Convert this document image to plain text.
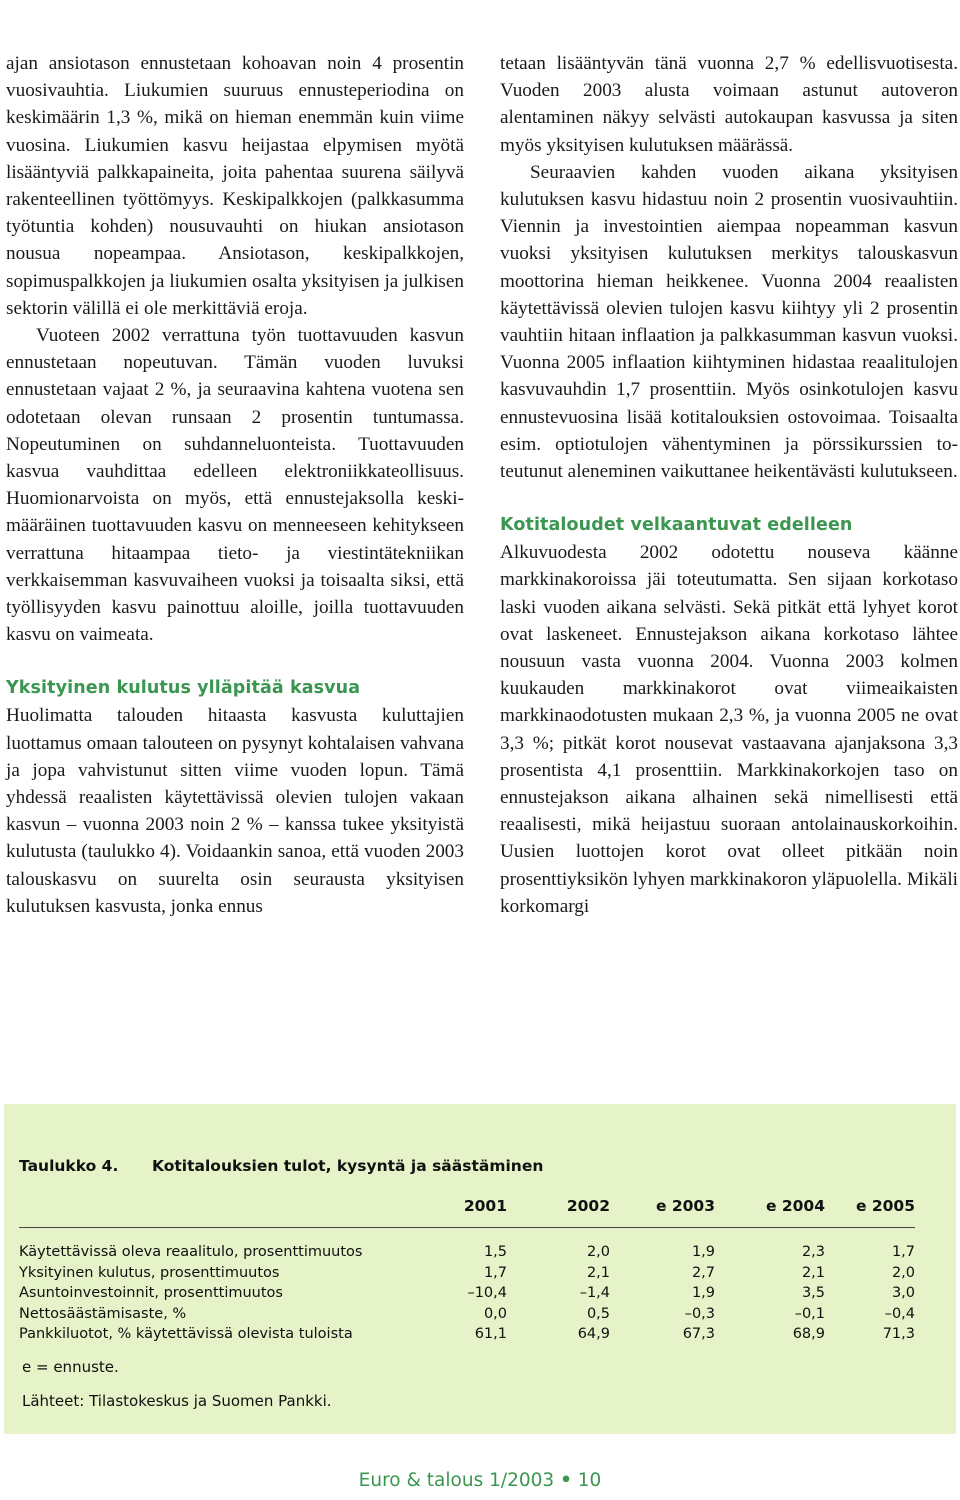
ajan ansiotason ennustetaan kohoavan noin 4 prosentin vuosivauhtia. Liukumien suuruus ennusteperiodina on keskimäärin 1,3 %, mikä on hieman enemmän kuin viime vuosina. Liukumien kasvu heijastaa elpymisen myötä lisääntyviä palkkapaineita, joita pahentaa suurena säilyvä rakenteellinen työttömyys. Keskipalkkojen (palkkasumma työtuntia kohden) nousuvauhti on hiukan ansiotason nousua nopeampaa. Ansiotason, keskipalkkojen, sopimuspalkkojen ja liukumien osalta yksityisen ja julkisen sektorin välillä ei ole merkittäviä eroja.

Vuoteen 2002 verrattuna työn tuottavuuden kasvun ennustetaan nopeutuvan. Tämän vuoden luvuksi ennustetaan vajaat 2 %, ja seuraavina kahtena vuotena sen odotetaan olevan runsaan 2 prosentin tuntumassa. Nopeutuminen on suhdanneluonteista. Tuottavuuden kasvua vauhdittaa edelleen elektroniikkateollisuus. Huomionarvoista on myös, että ennustejaksolla keskimääräinen tuottavuuden kasvu on menneeseen kehitykseen verrattuna hitaampaa tieto- ja viestintätekniikan verkkaisemman kasvuvaiheen vuoksi ja toisaalta siksi, että työllisyyden kasvu painottuu aloille, joilla tuottavuuden kasvu on vaimeata.

Yksityinen kulutus ylläpitää kasvua

Huolimatta talouden hitaasta kasvusta kuluttajien luottamus omaan talouteen on pysynyt kohtalaisen vahvana ja jopa vahvistunut sitten viime vuoden lopun. Tämä yhdessä reaalisten käytettävissä olevien tulojen vakaan kasvun – vuonna 2003 noin 2 % – kanssa tukee yksityistä kulutusta (taulukko 4). Voidaankin sanoa, että vuoden 2003 talouskasvu on suurelta osin seurausta yksityisen kulutuksen kasvusta, jonka ennus

tetaan lisääntyvän tänä vuonna 2,7 % edellisvuotisesta. Vuoden 2003 alusta voimaan astunut autoveron alentaminen näkyy selvästi autokaupan kasvussa ja siten myös yksityisen kulutuksen määrässä.

Seuraavien kahden vuoden aikana yksityisen kulutuksen kasvu hidastuu noin 2 prosentin vuosivauhtiin. Viennin ja investointien aiempaa nopeamman kasvun vuoksi yksityisen kulutuksen merkitys talouskasvun moottorina hieman heikkenee. Vuonna 2004 reaalisten käytettävissä olevien tulojen kasvu kiihtyy yli 2 prosentin vauhtiin hitaan inflaation ja palkkasumman kasvun vuoksi. Vuonna 2005 inflaation kiihtyminen hidastaa reaalitulojen kasvuvauhdin 1,7 prosenttiin. Myös osinkotulojen kasvu ennustevuosina lisää kotitalouksien ostovoimaa. Toisaalta esim. optiotulojen vähentyminen ja pörssikurssien toteutunut aleneminen vaikuttanee heikentävästi kulutukseen.

Kotitaloudet velkaantuvat edelleen

Alkuvuodesta 2002 odotettu nouseva käänne markkinakoroissa jäi toteutumatta. Sen sijaan korkotaso laski vuoden aikana selvästi. Sekä pitkät että lyhyet korot ovat laskeneet. Ennustejakson aikana korkotaso lähtee nousuun vasta vuonna 2004. Vuonna 2003 kolmen kuukauden markkinakorot ovat viimeaikaisten markkinaodotusten mukaan 2,3 %, ja vuonna 2005 ne ovat 3,3 %; pitkät korot nousevat vastaavana ajanjaksona 3,3 prosentista 4,1 prosenttiin. Markkinakorkojen taso on ennustejakson aikana alhainen sekä nimellisesti että reaalisesti, mikä heijastuu suoraan antolainauskorkoihin. Uusien luottojen korot ovat olleet pitkään noin prosenttiyksikön lyhyen markkinakoron yläpuolella. Mikäli korkomargi

Taulukko 4. Kotitalouksien tulot, kysyntä ja säästäminen
	2001	2002	e 2003	e 2004	e 2005

Käytettävissä oleva reaalitulo, prosenttimuutos	1,5	2,0	1,9	2,3	1,7
Yksityinen kulutus, prosenttimuutos	1,7	2,1	2,7	2,1	2,0
Asuntoinvestoinnit, prosenttimuutos	–10,4	–1,4	1,9	3,5	3,0
Nettosäästämisaste, %	0,0	0,5	–0,3	–0,1	–0,4
Pankkiluotot, % käytettävissä olevista tuloista	61,1	64,9	67,3	68,9	71,3
e = ennuste.
Lähteet: Tilastokeskus ja Suomen Pankki.
Euro & talous 1/2003 • 10
